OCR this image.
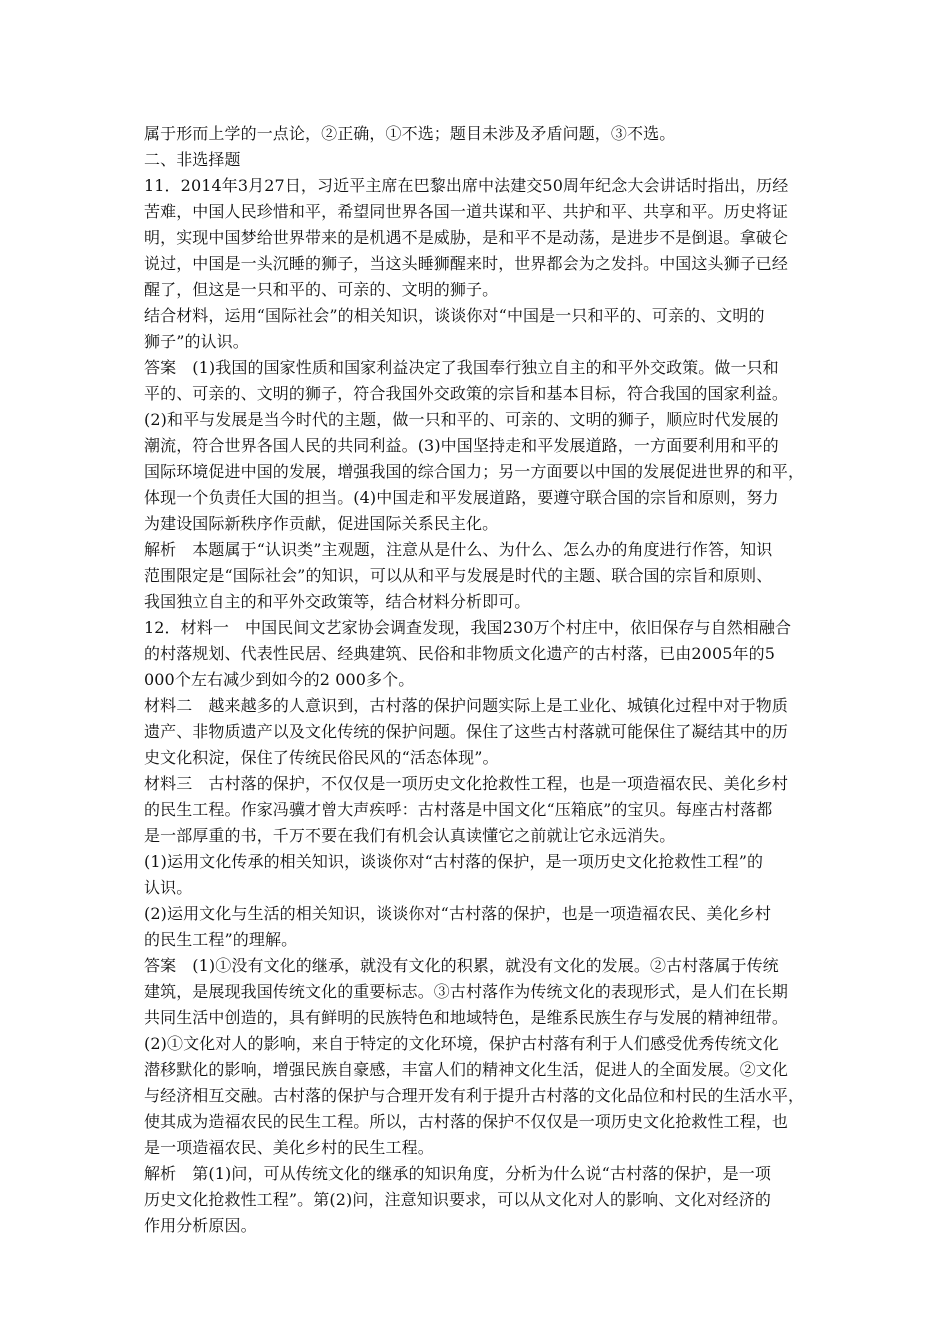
属于形而上学的一点论，②正确，①不选；题目未涉及矛盾问题，③不选。
二、非选择题
11．2014年3月27日，习近平主席在巴黎出席中法建交50周年纪念大会讲话时指出，历经
苦难，中国人民珍惜和平，希望同世界各国一道共谋和平、共护和平、共享和平。历史将证
明，实现中国梦给世界带来的是机遇不是威胁，是和平不是动荡，是进步不是倒退。拿破仑
说过，中国是一头沉睡的狮子，当这头睡狮醒来时，世界都会为之发抖。中国这头狮子已经
醒了，但这是一只和平的、可亲的、文明的狮子。
结合材料，运用“国际社会”的相关知识，谈谈你对“中国是一只和平的、可亲的、文明的
狮子”的认识。
答案　(1)我国的国家性质和国家利益决定了我国奉行独立自主的和平外交政策。做一只和
平的、可亲的、文明的狮子，符合我国外交政策的宗旨和基本目标，符合我国的国家利益。
(2)和平与发展是当今时代的主题，做一只和平的、可亲的、文明的狮子，顺应时代发展的
潮流，符合世界各国人民的共同利益。(3)中国坚持走和平发展道路，一方面要利用和平的
国际环境促进中国的发展，增强我国的综合国力；另一方面要以中国的发展促进世界的和平，
体现一个负责任大国的担当。(4)中国走和平发展道路，要遵守联合国的宗旨和原则，努力
为建设国际新秩序作贡献，促进国际关系民主化。
解析　本题属于“认识类”主观题，注意从是什么、为什么、怎么办的角度进行作答，知识
范围限定是“国际社会”的知识，可以从和平与发展是时代的主题、联合国的宗旨和原则、
我国独立自主的和平外交政策等，结合材料分析即可。
12．材料一　中国民间文艺家协会调查发现，我国230万个村庄中，依旧保存与自然相融合
的村落规划、代表性民居、经典建筑、民俗和非物质文化遗产的古村落，已由2005年的5
000个左右减少到如今的2 000多个。
材料二　越来越多的人意识到，古村落的保护问题实际上是工业化、城镇化过程中对于物质
遗产、非物质遗产以及文化传统的保护问题。保住了这些古村落就可能保住了凝结其中的历
史文化积淀，保住了传统民俗民风的“活态体现”。
材料三　古村落的保护，不仅仅是一项历史文化抢救性工程，也是一项造福农民、美化乡村
的民生工程。作家冯骥才曾大声疾呼：古村落是中国文化“压箱底”的宝贝。每座古村落都
是一部厚重的书，千万不要在我们有机会认真读懂它之前就让它永远消失。
(1)运用文化传承的相关知识，谈谈你对“古村落的保护，是一项历史文化抢救性工程”的
认识。
(2)运用文化与生活的相关知识，谈谈你对“古村落的保护，也是一项造福农民、美化乡村
的民生工程”的理解。
答案　(1)①没有文化的继承，就没有文化的积累，就没有文化的发展。②古村落属于传统
建筑，是展现我国传统文化的重要标志。③古村落作为传统文化的表现形式，是人们在长期
共同生活中创造的，具有鲜明的民族特色和地域特色，是维系民族生存与发展的精神纽带。
(2)①文化对人的影响，来自于特定的文化环境，保护古村落有利于人们感受优秀传统文化
潜移默化的影响，增强民族自豪感，丰富人们的精神文化生活，促进人的全面发展。②文化
与经济相互交融。古村落的保护与合理开发有利于提升古村落的文化品位和村民的生活水平，
使其成为造福农民的民生工程。所以，古村落的保护不仅仅是一项历史文化抢救性工程，也
是一项造福农民、美化乡村的民生工程。
解析　第(1)问，可从传统文化的继承的知识角度，分析为什么说“古村落的保护，是一项
历史文化抢救性工程”。第(2)问，注意知识要求，可以从文化对人的影响、文化对经济的
作用分析原因。
